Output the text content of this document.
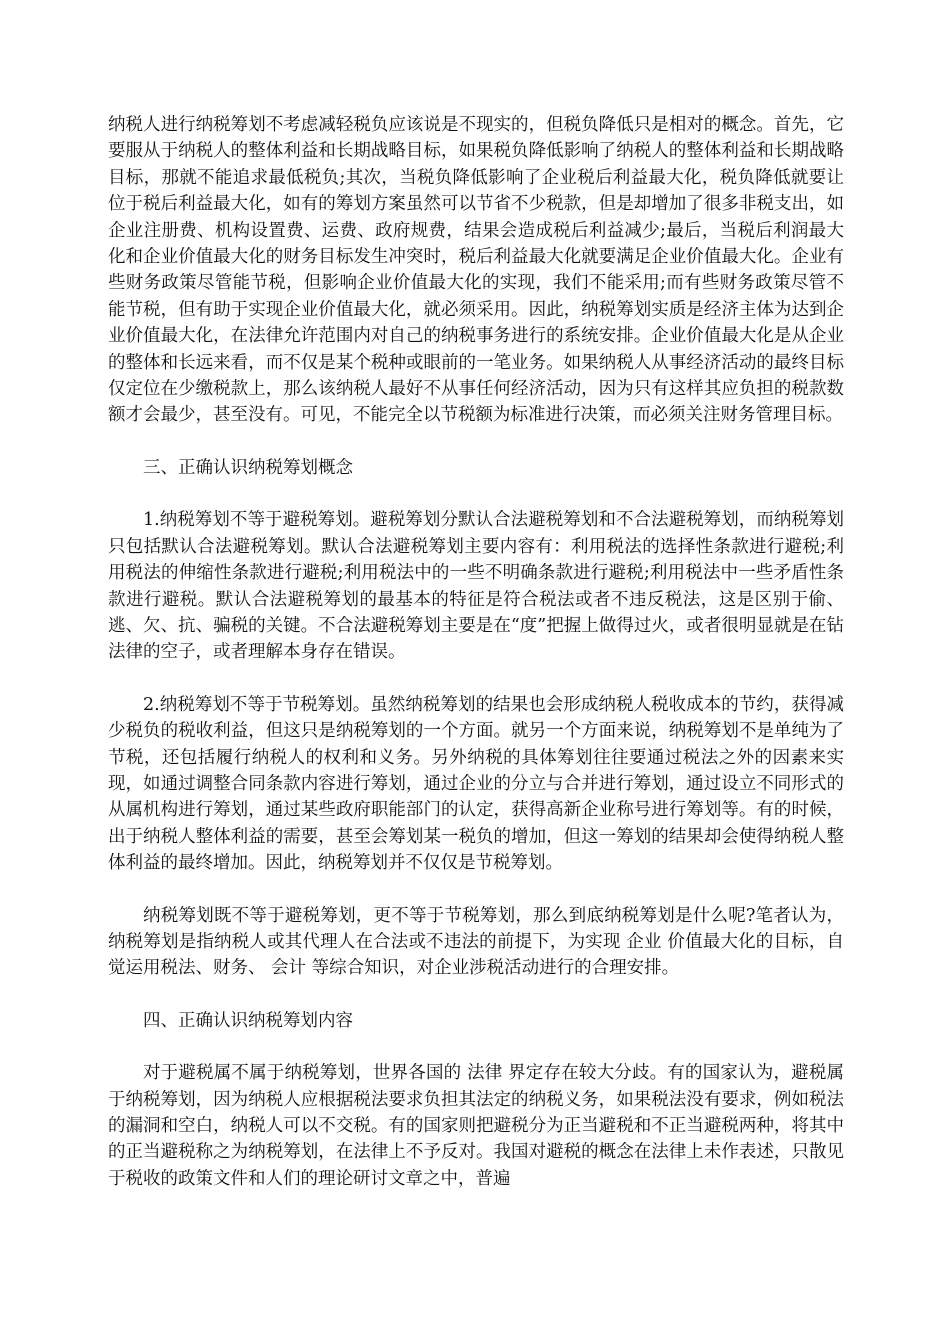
纳税人进行纳税筹划不考虑减轻税负应该说是不现实的，但税负降低只是相对的概念。首先，它要服从于纳税人的整体利益和长期战略目标，如果税负降低影响了纳税人的整体利益和长期战略目标，那就不能追求最低税负;其次，当税负降低影响了企业税后利益最大化，税负降低就要让位于税后利益最大化，如有的筹划方案虽然可以节省不少税款，但是却增加了很多非税支出，如企业注册费、机构设置费、运费、政府规费，结果会造成税后利益减少;最后，当税后利润最大化和企业价值最大化的财务目标发生冲突时，税后利益最大化就要满足企业价值最大化。企业有些财务政策尽管能节税，但影响企业价值最大化的实现，我们不能采用;而有些财务政策尽管不能节税，但有助于实现企业价值最大化，就必须采用。因此，纳税筹划实质是经济主体为达到企业价值最大化，在法律允许范围内对自己的纳税事务进行的系统安排。企业价值最大化是从企业的整体和长远来看，而不仅是某个税种或眼前的一笔业务。如果纳税人从事经济活动的最终目标仅定位在少缴税款上，那么该纳税人最好不从事任何经济活动，因为只有这样其应负担的税款数额才会最少，甚至没有。可见，不能完全以节税额为标准进行决策，而必须关注财务管理目标。

三、正确认识纳税筹划概念

1.纳税筹划不等于避税筹划。避税筹划分默认合法避税筹划和不合法避税筹划，而纳税筹划只包括默认合法避税筹划。默认合法避税筹划主要内容有：利用税法的选择性条款进行避税;利用税法的伸缩性条款进行避税;利用税法中的一些不明确条款进行避税;利用税法中一些矛盾性条款进行避税。默认合法避税筹划的最基本的特征是符合税法或者不违反税法，这是区别于偷、逃、欠、抗、骗税的关键。不合法避税筹划主要是在“度”把握上做得过火，或者很明显就是在钻法律的空子，或者理解本身存在错误。

2.纳税筹划不等于节税筹划。虽然纳税筹划的结果也会形成纳税人税收成本的节约，获得减少税负的税收利益，但这只是纳税筹划的一个方面。就另一个方面来说，纳税筹划不是单纯为了节税，还包括履行纳税人的权利和义务。另外纳税的具体筹划往往要通过税法之外的因素来实现，如通过调整合同条款内容进行筹划，通过企业的分立与合并进行筹划，通过设立不同形式的从属机构进行筹划，通过某些政府职能部门的认定，获得高新企业称号进行筹划等。有的时候，出于纳税人整体利益的需要，甚至会筹划某一税负的增加，但这一筹划的结果却会使得纳税人整体利益的最终增加。因此，纳税筹划并不仅仅是节税筹划。

纳税筹划既不等于避税筹划，更不等于节税筹划，那么到底纳税筹划是什么呢?笔者认为，纳税筹划是指纳税人或其代理人在合法或不违法的前提下，为实现 企业 价值最大化的目标，自觉运用税法、财务、 会计 等综合知识，对企业涉税活动进行的合理安排。

四、正确认识纳税筹划内容

对于避税属不属于纳税筹划，世界各国的 法律 界定存在较大分歧。有的国家认为，避税属于纳税筹划，因为纳税人应根据税法要求负担其法定的纳税义务，如果税法没有要求，例如税法的漏洞和空白，纳税人可以不交税。有的国家则把避税分为正当避税和不正当避税两种，将其中的正当避税称之为纳税筹划，在法律上不予反对。我国对避税的概念在法律上未作表述，只散见于税收的政策文件和人们的理论研讨文章之中，普遍
